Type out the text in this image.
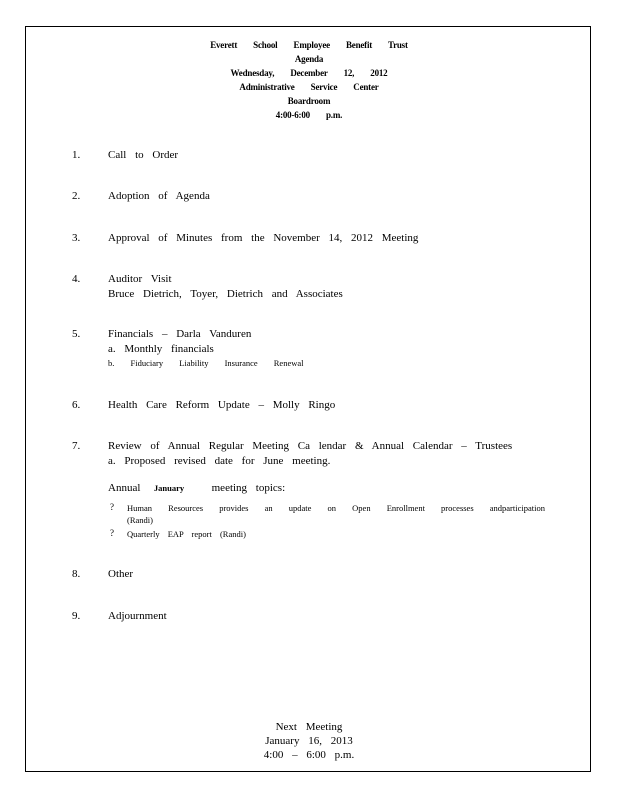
Everett School Employee Benefit Trust
Agenda
Wednesday, December 12, 2012
Administrative Service Center
Boardroom
4:00-6:00 p.m.
1.	Call to Order
2.	Adoption of Agenda
3.	Approval of Minutes from the November 14, 2012 Meeting
4.	Auditor Visit
Bruce Dietrich, Toyer, Dietrich and Associates
5.	Financials – Darla Vanduren
a. Monthly financials
b. Fiduciary Liability Insurance Renewal
6.	Health Care Reform Update – Molly Ringo
7.	Review of Annual Regular Meeting Ca lendar & Annual Calendar – Trustees
a. Proposed revised date for June meeting.
Annual January	meeting topics:
? Human Resources provides an update on Open Enrollment processes andparticipation
(Randi)
? Quarterly EAP report (Randi)
8.	Other
9.	Adjournment
Next Meeting
January 16, 2013
4:00 – 6:00 p.m.
